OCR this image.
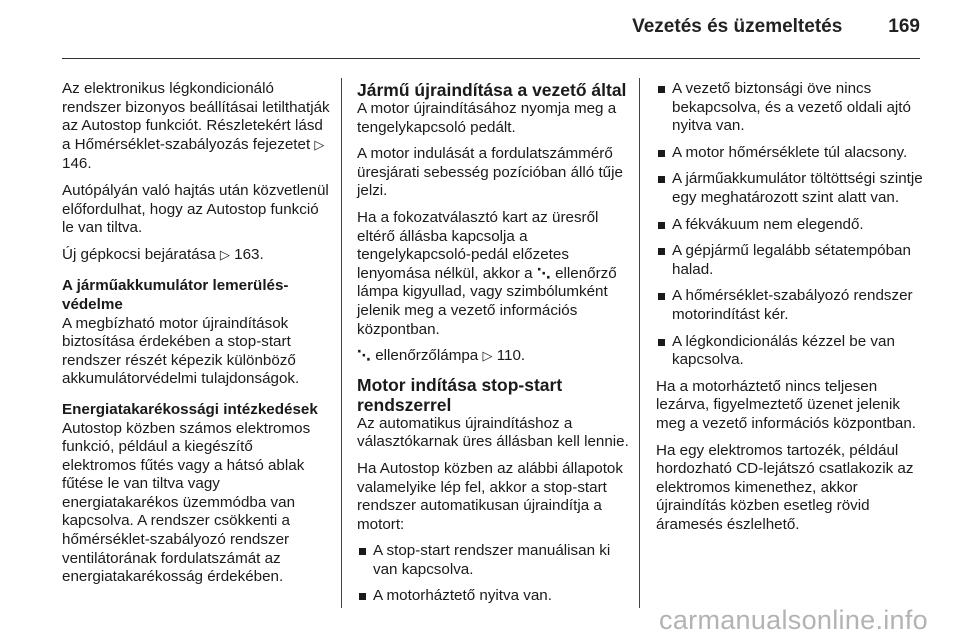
Vezetés és üzemeltetés 169

Az elektronikus légkondicionáló rendszer bizonyos beállításai letilthatják az Autostop funkciót. Részletekért lásd a Hőmérséklet-szabályozás fejezetet ▷ 146.

Autópályán való hajtás után közvetlenül előfordulhat, hogy az Autostop funkció le van tiltva.

Új gépkocsi bejáratása ▷ 163.

A járműakkumulátor lemerülés-védelme

A megbízható motor újraindítások biztosítása érdekében a stop-start rendszer részét képezik különböző akkumulátorvédelmi tulajdonságok.

Energiatakarékossági intézkedések

Autostop közben számos elektromos funkció, például a kiegészítő elektromos fűtés vagy a hátsó ablak fűtése le van tiltva vagy energiatakarékos üzemmódba van kapcsolva. A rendszer csökkenti a hőmérséklet-szabályozó rendszer ventilátorának fordulatszámát az energiatakarékosság érdekében.

Jármű újraindítása a vezető által

A motor újraindításához nyomja meg a tengelykapcsoló pedált.

A motor indulását a fordulatszámmérő üresjárati sebesség pozícióban álló tűje jelzi.

Ha a fokozatválasztó kart az üresről eltérő állásba kapcsolja a tengelykapcsoló-pedál előzetes lenyomása nélkül, akkor a ⋱ ellenőrző lámpa kigyullad, vagy szimbólumként jelenik meg a vezető információs központban.

⋱ ellenőrzőlámpa ▷ 110.

Motor indítása stop-start rendszerrel

Az automatikus újraindításhoz a választókarnak üres állásban kell lennie.

Ha Autostop közben az alábbi állapotok valamelyike lép fel, akkor a stop-start rendszer automatikusan újraindítja a motort:

A stop-start rendszer manuálisan ki van kapcsolva.
A motorháztető nyitva van.
A vezető biztonsági öve nincs bekapcsolva, és a vezető oldali ajtó nyitva van.
A motor hőmérséklete túl alacsony.
A járműakkumulátor töltöttségi szintje egy meghatározott szint alatt van.
A fékvákuum nem elegendő.
A gépjármű legalább sétatempóban halad.
A hőmérséklet-szabályozó rendszer motorindítást kér.
A légkondicionálás kézzel be van kapcsolva.

Ha a motorháztető nincs teljesen lezárva, figyelmeztető üzenet jelenik meg a vezető információs központban.

Ha egy elektromos tartozék, például hordozható CD-lejátszó csatlakozik az elektromos kimenethez, akkor újraindítás közben esetleg rövid áramesés észlelhető.

carmanualsonline.info
